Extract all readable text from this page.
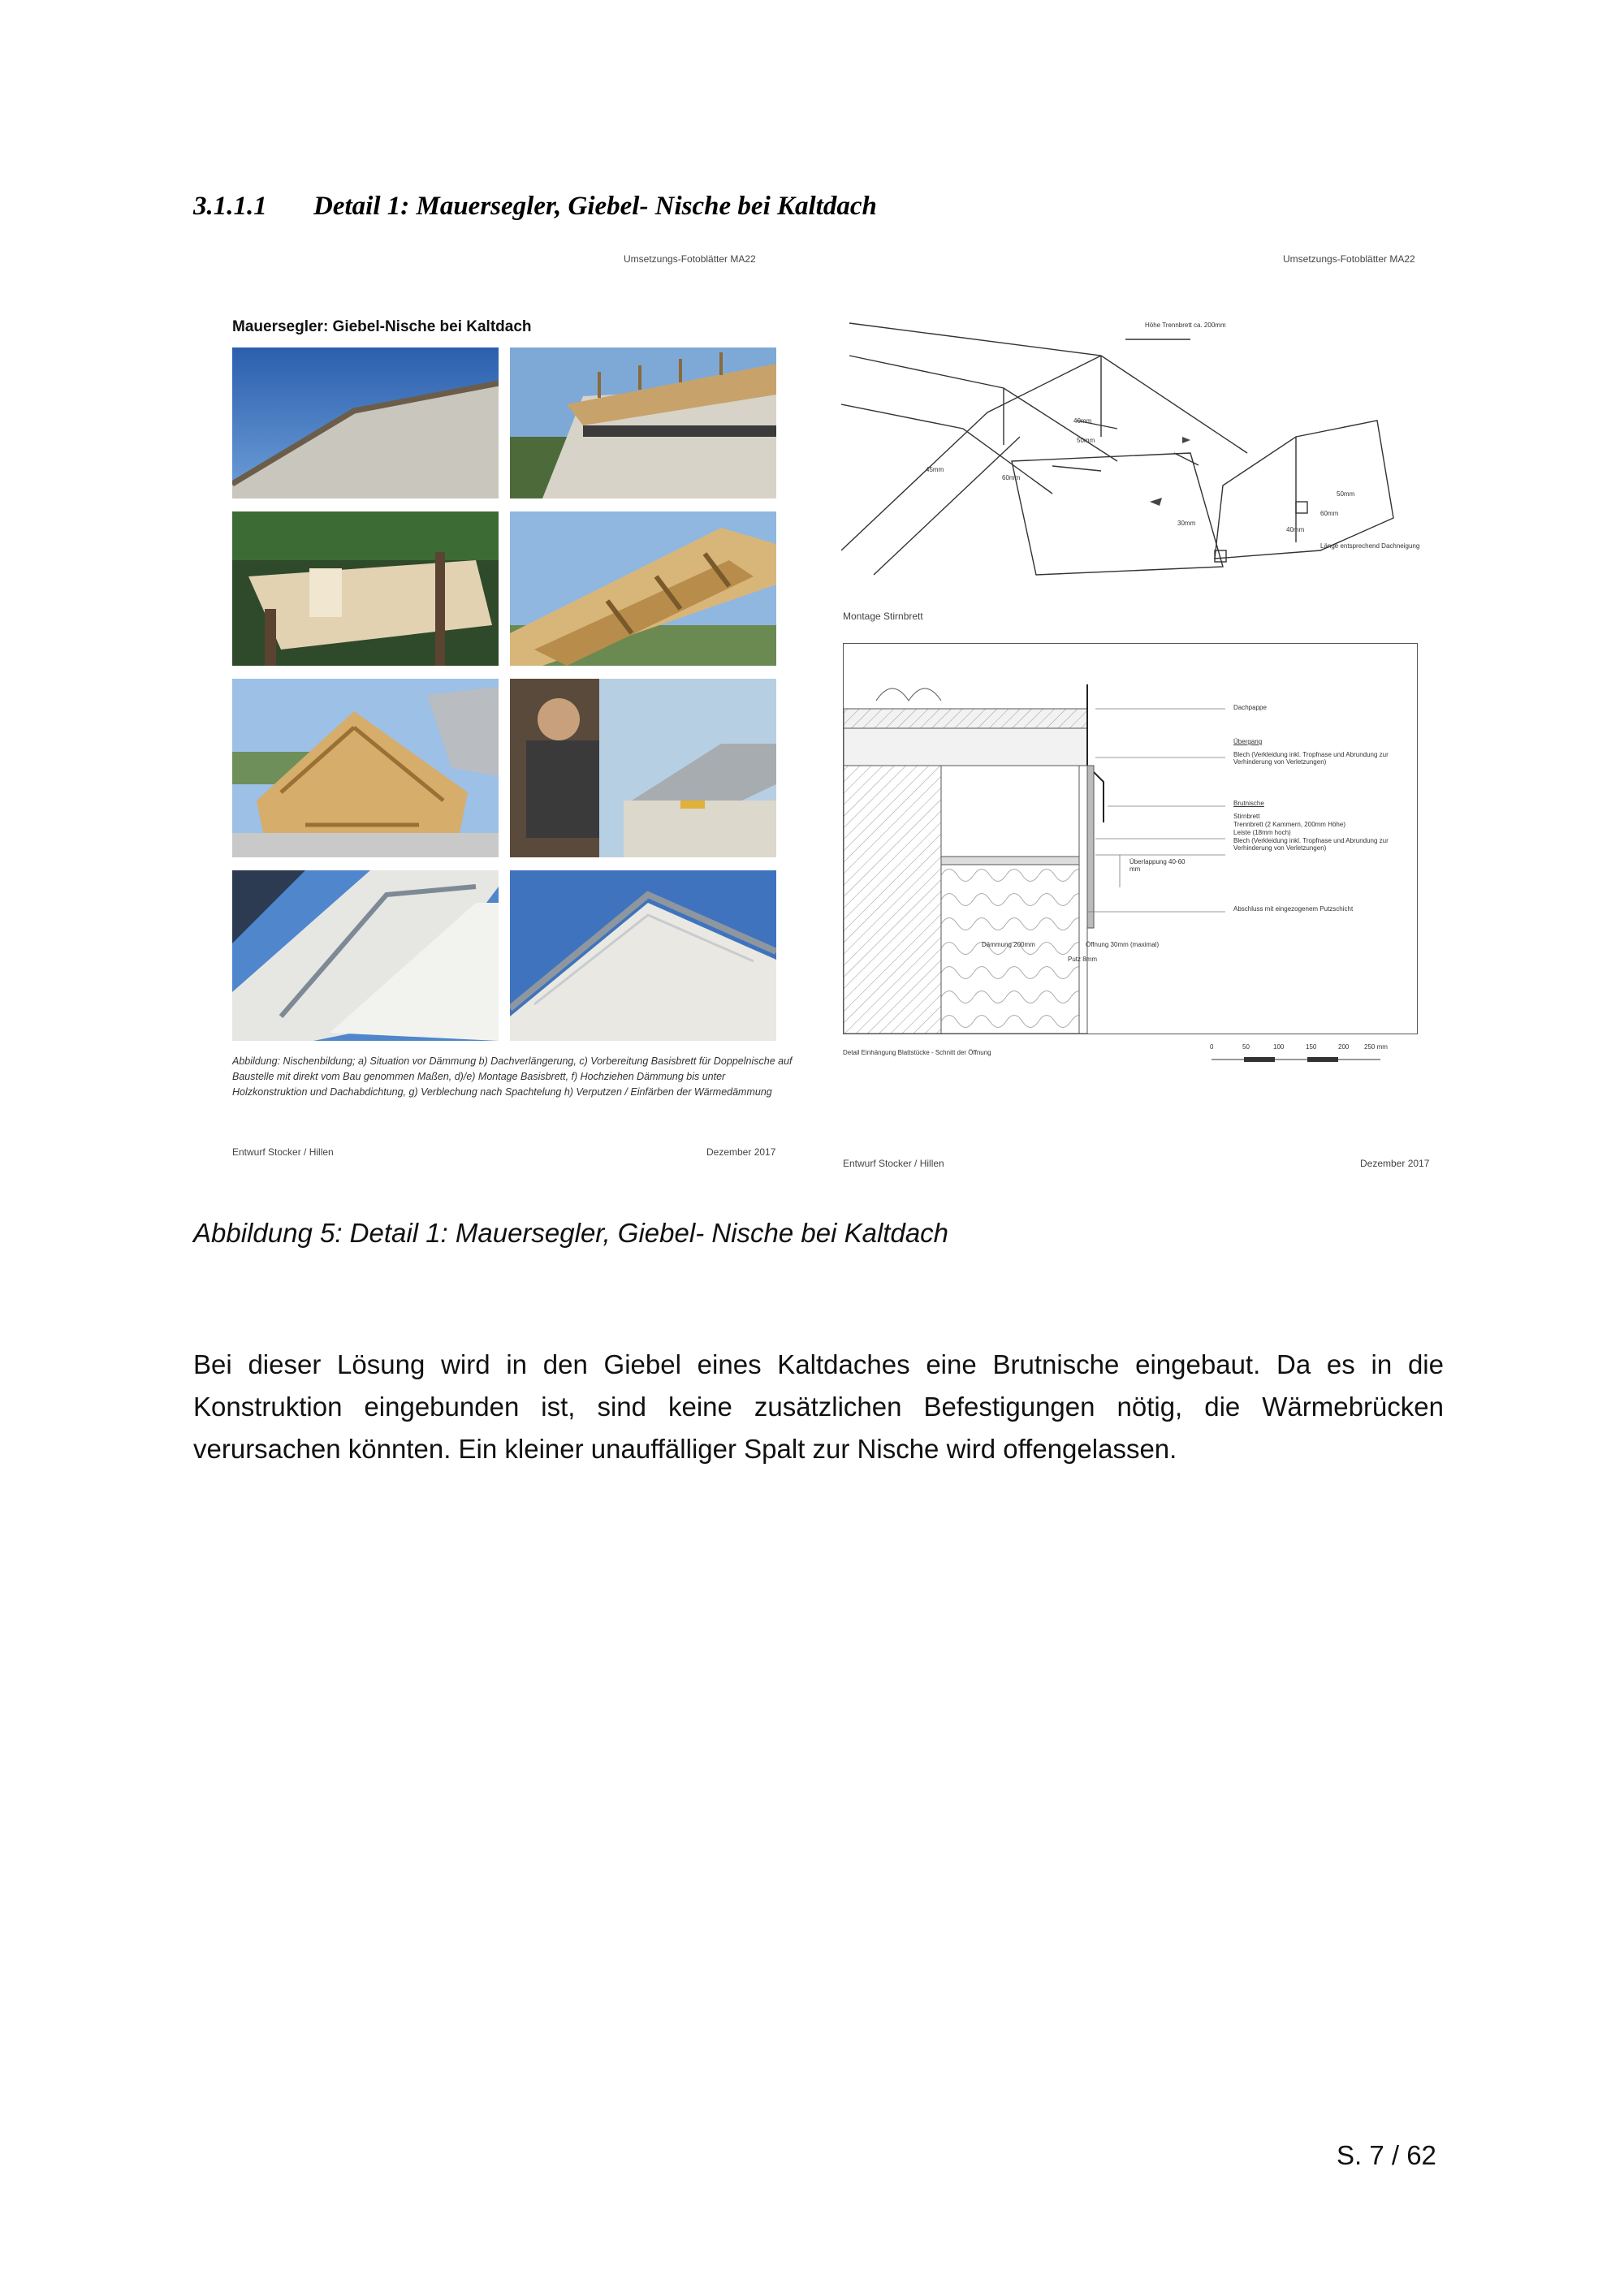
3.1.1.1 Detail 1: Mauersegler, Giebel- Nische bei Kaltdach

Umsetzungs-Fotoblätter MA22

Mauersegler: Giebel-Nische bei Kaltdach

Abbildung: Nischenbildung; a) Situation vor Dämmung b) Dachverlängerung, c) Vorbereitung Basisbrett für Doppelnische auf Baustelle mit direkt vom Bau genommen Maßen, d)/e) Montage Basisbrett, f) Hochziehen Dämmung bis unter Holzkonstruktion und Dachabdichtung, g) Verblechung nach Spachtelung h) Verputzen / Einfärben der Wärmedämmung

Entwurf Stocker / Hillen	Dezember 2017

Umsetzungs-Fotoblätter MA22

Höhe Trennbrett ca. 200mm

40mm

50mm

45mm

60mm

30mm

60mm

50mm

40mm

Länge entsprechend Dachneigung

Montage Stirnbrett

Dachpappe

Übergang

Blech (Verkleidung inkl. Tropfnase und Abrundung zur Verhinderung von Verletzungen)

Brutnische

Stirnbrett

Trennbrett (2 Kammern, 200mm Höhe)

Leiste (18mm hoch)

Blech (Verkleidung inkl. Tropfnase und Abrundung zur Verhinderung von Verletzungen)

Überlappung 40-60 mm

Abschluss mit eingezogenem Putzschicht

Dämmung 200mm	Öffnung 30mm (maximal)

Putz 8mm

Detail Einhängung Blattstücke - Schnitt der Öffnung

0	50	100	150	200 250 mm

Entwurf Stocker / Hillen	Dezember 2017

Abbildung 5: Detail 1: Mauersegler, Giebel- Nische bei Kaltdach

Bei dieser Lösung wird in den Giebel eines Kaltdaches eine Brutnische eingebaut. Da es in die Konstruktion eingebunden ist, sind keine zusätzlichen Befestigungen nötig, die Wärmebrücken verursachen könnten. Ein kleiner unauffälliger Spalt zur Nische wird offengelassen.

S. 7 / 62
